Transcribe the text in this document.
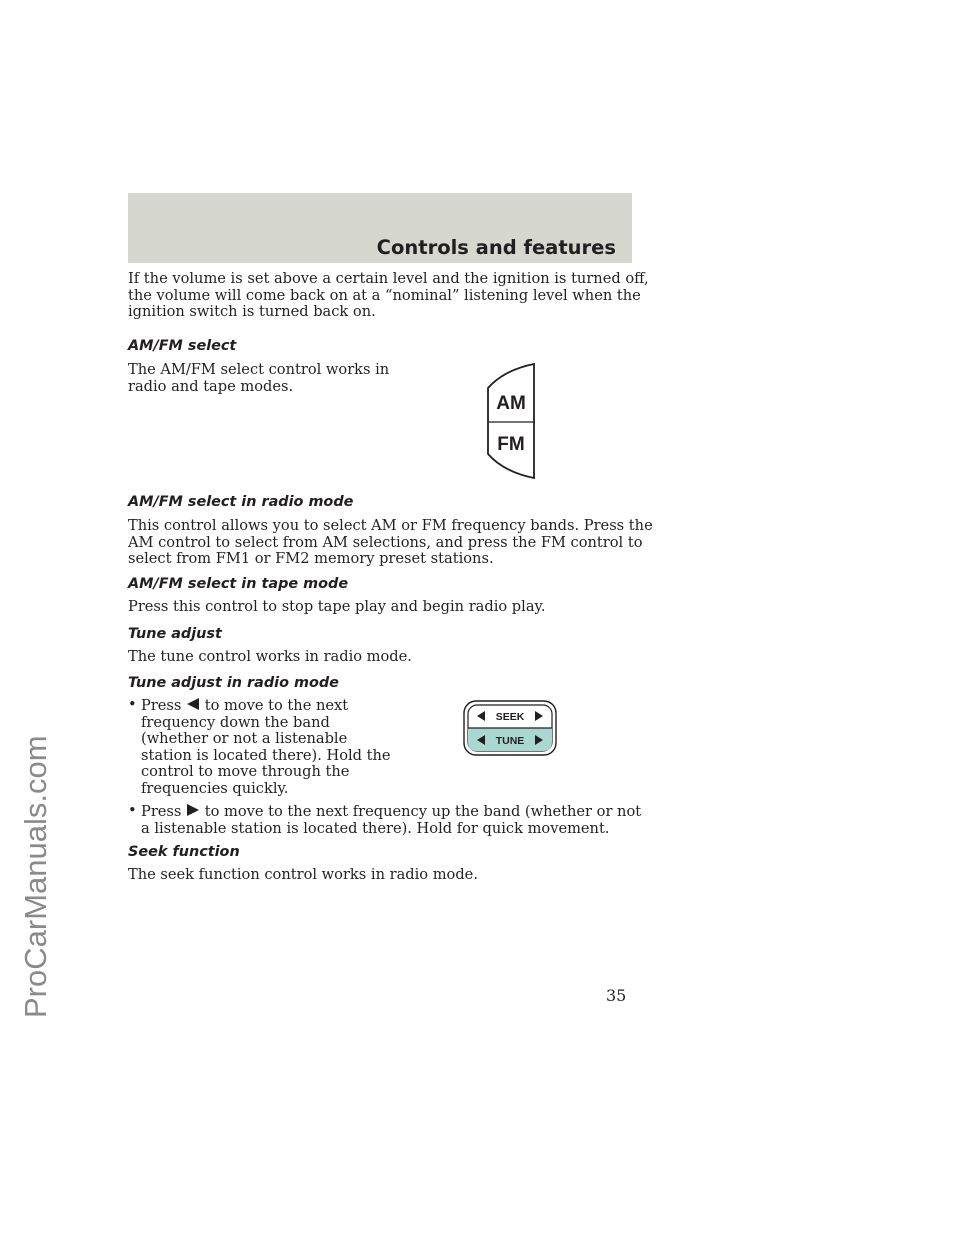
ProCarManuals.com
Controls and features

If the volume is set above a certain level and the ignition is turned off,
the volume will come back on at a “nominal” listening level when the
ignition switch is turned back on.

AM/FM select

The AM/FM select control works in
radio and tape modes.

AM
FM
AM/FM select in radio mode

This control allows you to select AM or FM frequency bands. Press the
AM control to select from AM selections, and press the FM control to
select from FM1 or FM2 memory preset stations.

AM/FM select in tape mode

Press this control to stop tape play and begin radio play.

Tune adjust

The tune control works in radio mode.

Tune adjust in radio mode
• Press to move to the next
frequency down the band
(whether or not a listenable
station is located there). Hold the
control to move through the
frequencies quickly.
SEEK
TUNE
• Press to move to the next frequency up the band (whether or not
a listenable station is located there). Hold for quick movement.
Seek function

The seek function control works in radio mode.

35
